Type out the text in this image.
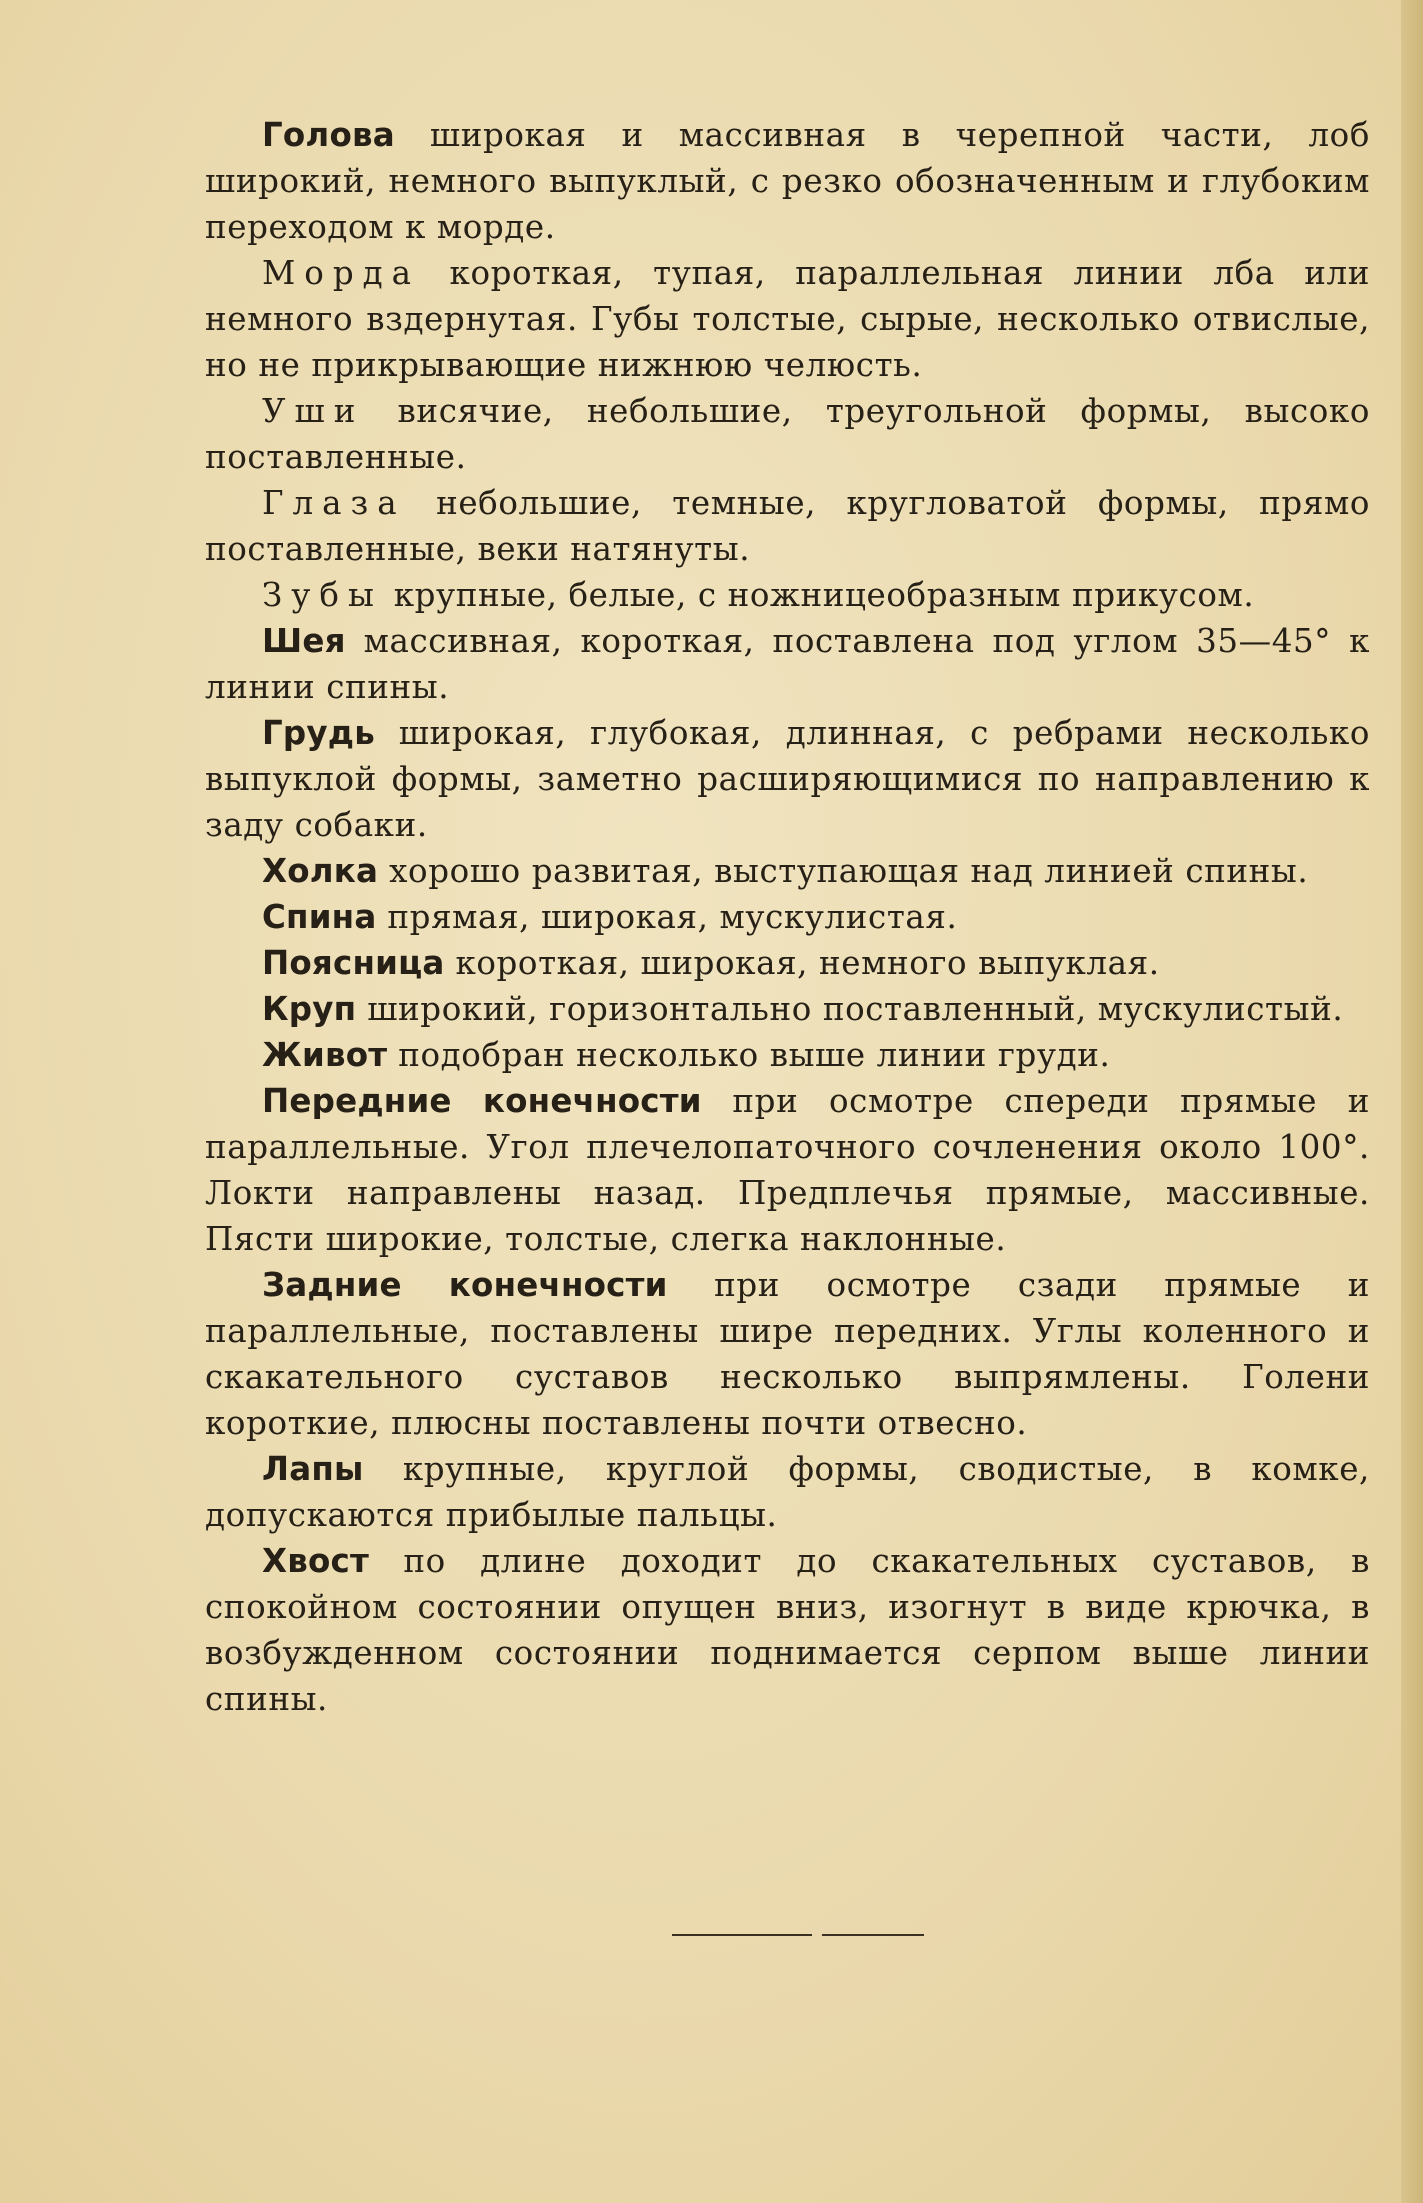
Голова широкая и массивная в черепной части, лоб широкий, немного выпуклый, с резко обозначенным и глубоким переходом к морде.

Морда короткая, тупая, параллельная линии лба или немного вздернутая. Губы толстые, сырые, несколько отвислые, но не прикрывающие нижнюю челюсть.

Уши висячие, небольшие, треугольной формы, высоко поставленные.

Глаза небольшие, темные, кругловатой формы, прямо поставленные, веки натянуты.

Зубы крупные, белые, с ножницеобразным прикусом.

Шея массивная, короткая, поставлена под углом 35—45° к линии спины.

Грудь широкая, глубокая, длинная, с ребрами несколько выпуклой формы, заметно расширяющимися по направлению к заду собаки.

Холка хорошо развитая, выступающая над линией спины.

Спина прямая, широкая, мускулистая.

Поясница короткая, широкая, немного выпуклая.

Круп широкий, горизонтально поставленный, мускулистый.

Живот подобран несколько выше линии груди.

Передние конечности при осмотре спереди прямые и параллельные. Угол плечелопаточного сочленения около 100°. Локти направлены назад. Предплечья прямые, массивные. Пясти широкие, толстые, слегка наклонные.

Задние конечности при осмотре сзади прямые и параллельные, поставлены шире передних. Углы коленного и скакательного суставов несколько выпрямлены. Голени короткие, плюсны поставлены почти отвесно.

Лапы крупные, круглой формы, сводистые, в комке, допускаются прибылые пальцы.

Хвост по длине доходит до скакательных суставов, в спокойном состоянии опущен вниз, изогнут в виде крючка, в возбужденном состоянии поднимается серпом выше линии спины.
